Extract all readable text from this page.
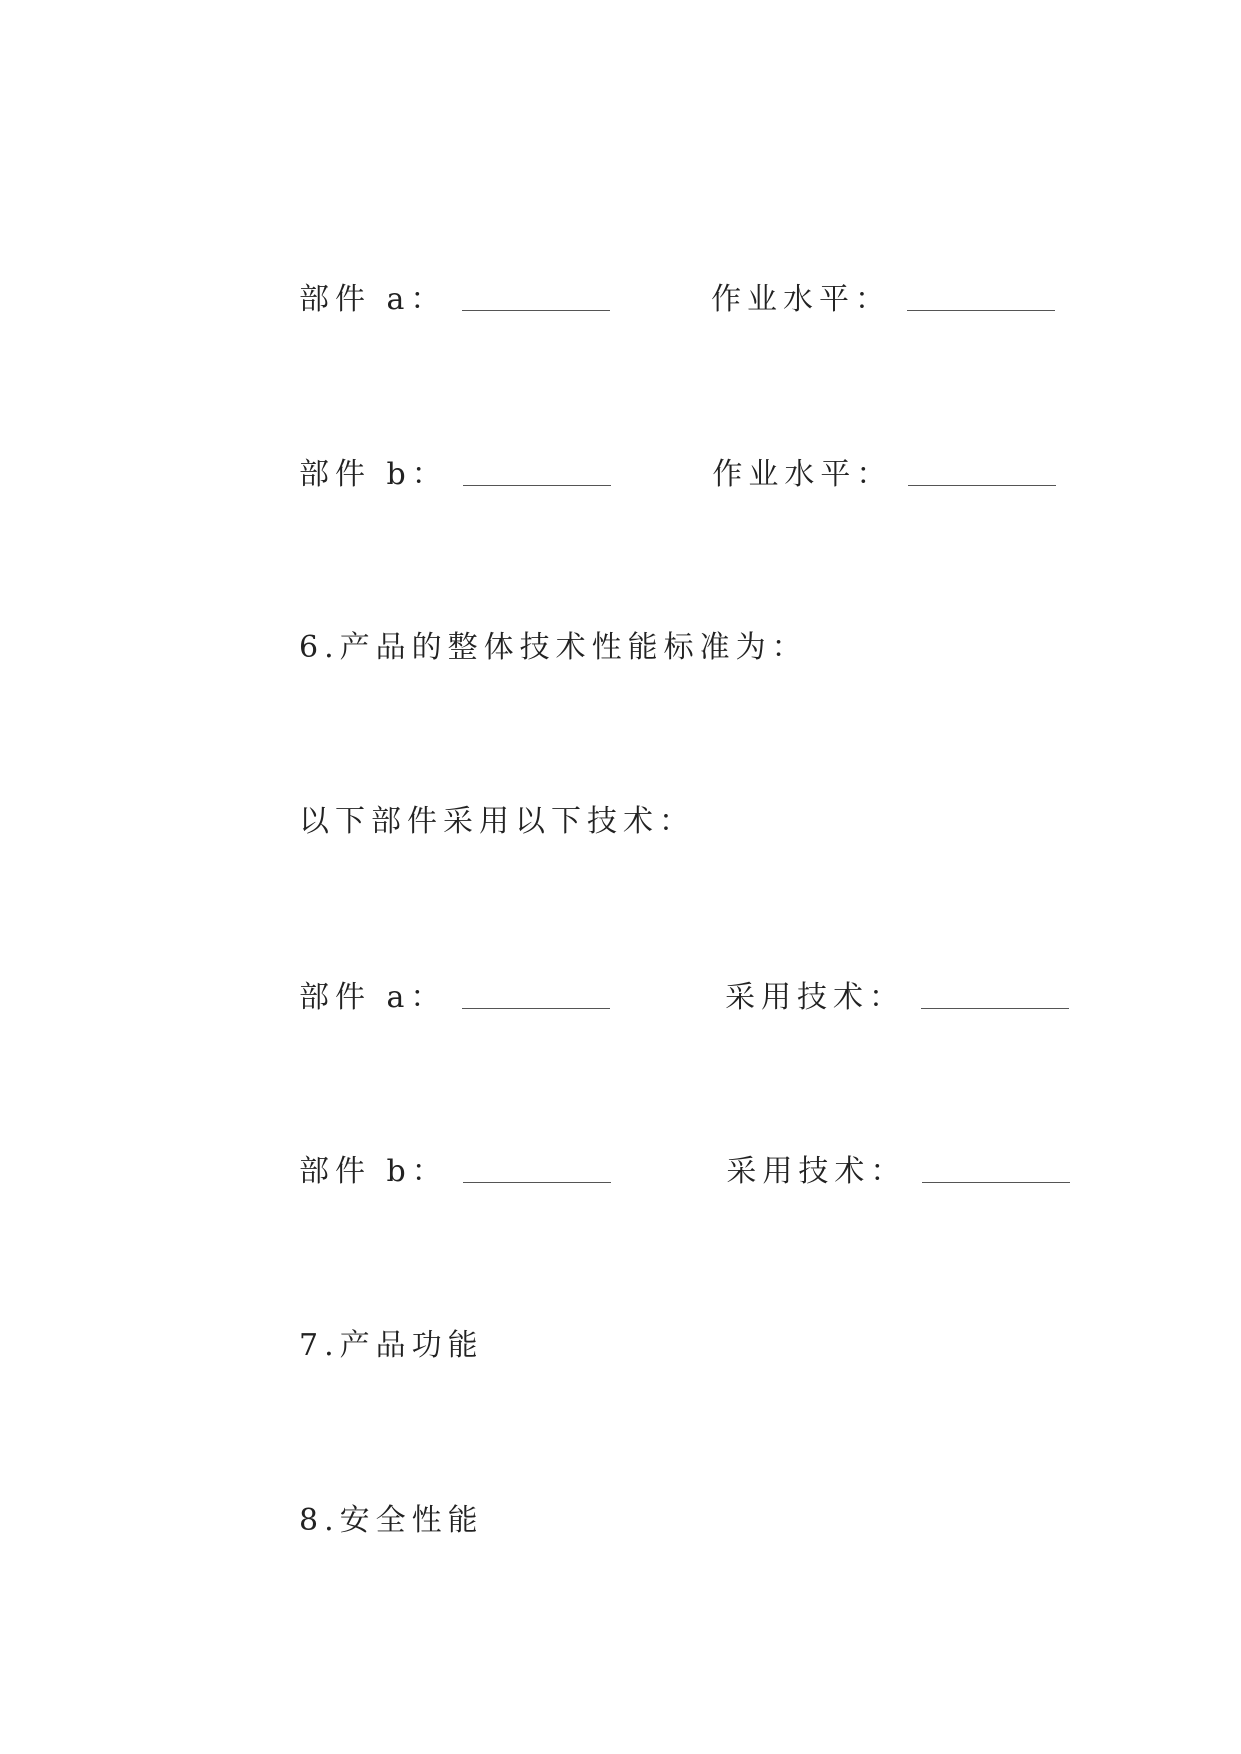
部件 a：	作业水平：
部件 b：	作业水平：
6.产品的整体技术性能标准为：
以下部件采用以下技术：
部件 a：	采用技术：
部件 b：	采用技术：
7.产品功能
8.安全性能
